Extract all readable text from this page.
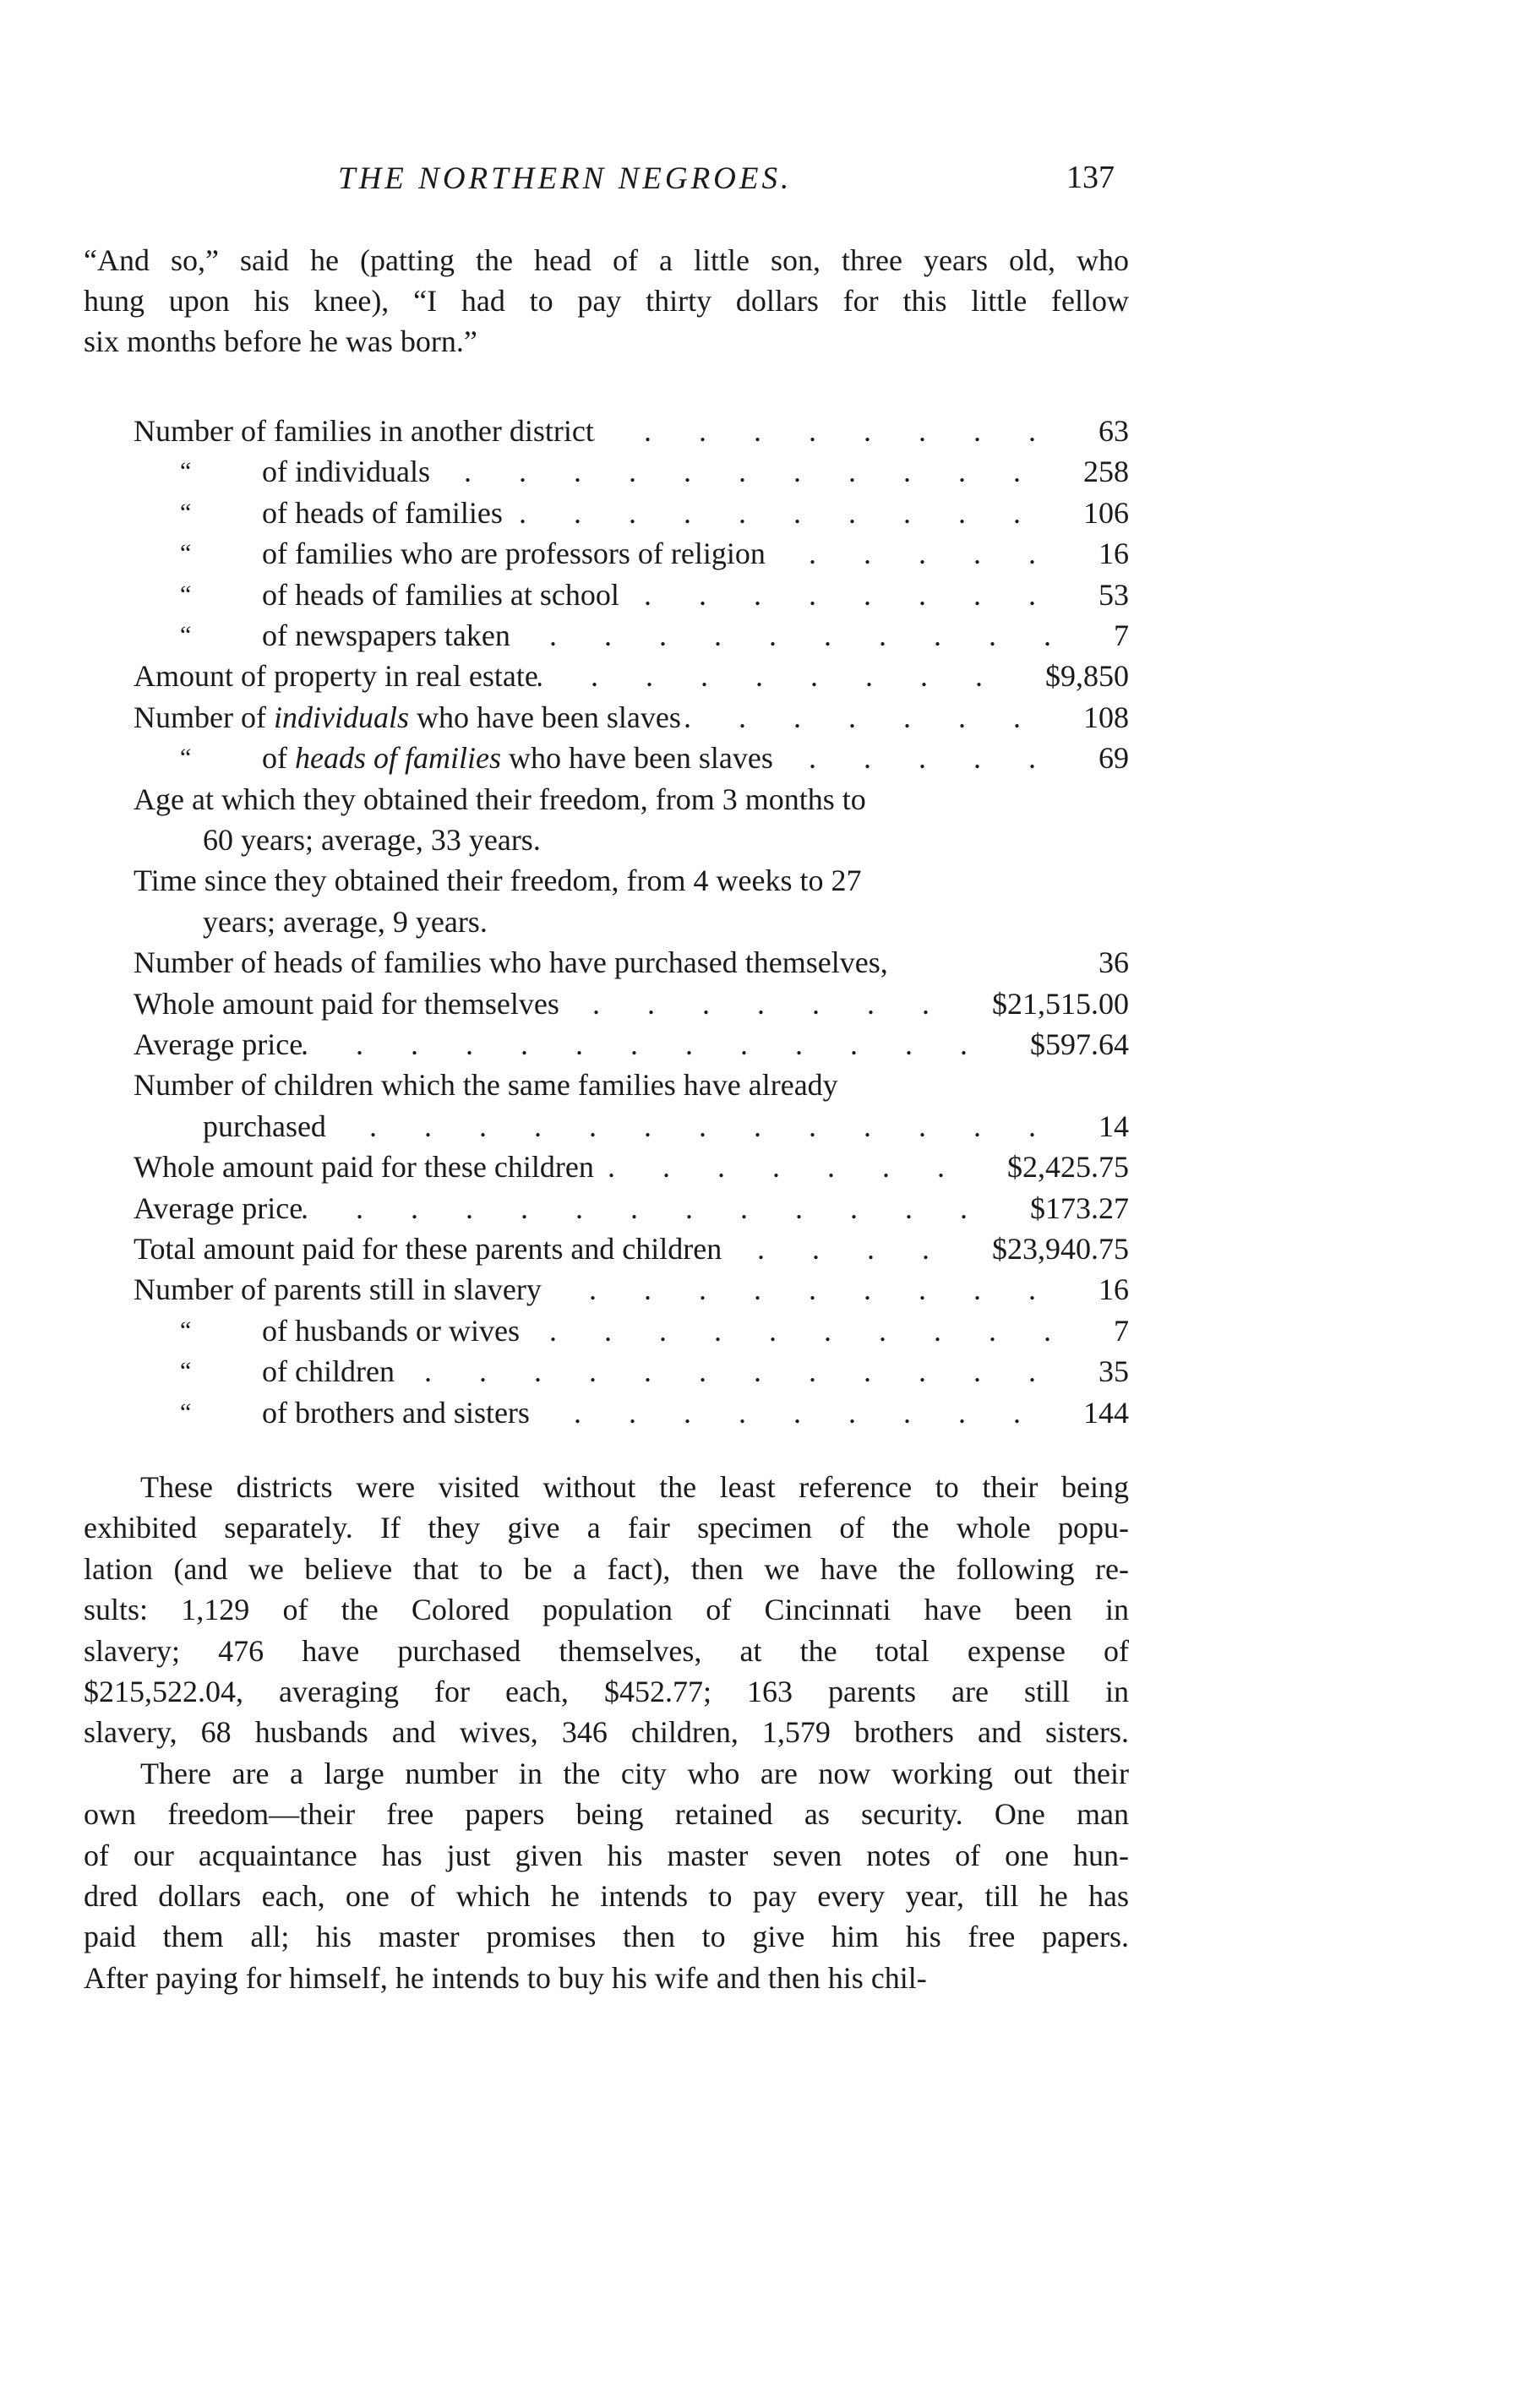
THE NORTHERN NEGROES.	137
“And so,” said he (patting the head of a little son, three years old, who
hung upon his knee), “I had to pay thirty dollars for this little fellow
six months before he was born.”
Number of families in another district .....	63
“ of individuals .....	258
“ of heads of families .....	106
“ of families who are professors of religion .....	16
“ of heads of families at school .....	53
“ of newspapers taken .....	7
Amount of property in real estate .....	$9,850
Number of individuals who have been slaves .....	108
“ of heads of families who have been slaves .....	69
Age at which they obtained their freedom, from 3 months to
60 years; average, 33 years.
Time since they obtained their freedom, from 4 weeks to 27
years; average, 9 years.
Number of heads of families who have purchased themselves,	36
Whole amount paid for themselves .....	$21,515.00
Average price .....	$597.64
Number of children which the same families have already
purchased .....	14
Whole amount paid for these children .....	$2,425.75
Average price .....	$173.27
Total amount paid for these parents and children .....	$23,940.75
Number of parents still in slavery .....	16
“ of husbands or wives .....	7
“ of children .....	35
“ of brothers and sisters .....	144
These districts were visited without the least reference to their being
exhibited separately. If they give a fair specimen of the whole popu-
lation (and we believe that to be a fact), then we have the following re-
sults: 1,129 of the Colored population of Cincinnati have been in
slavery; 476 have purchased themselves, at the total expense of
$215,522.04, averaging for each, $452.77; 163 parents are still in
slavery, 68 husbands and wives, 346 children, 1,579 brothers and sisters.
There are a large number in the city who are now working out their
own freedom—their free papers being retained as security. One man
of our acquaintance has just given his master seven notes of one hun-
dred dollars each, one of which he intends to pay every year, till he has
paid them all; his master promises then to give him his free papers.
After paying for himself, he intends to buy his wife and then his chil-
